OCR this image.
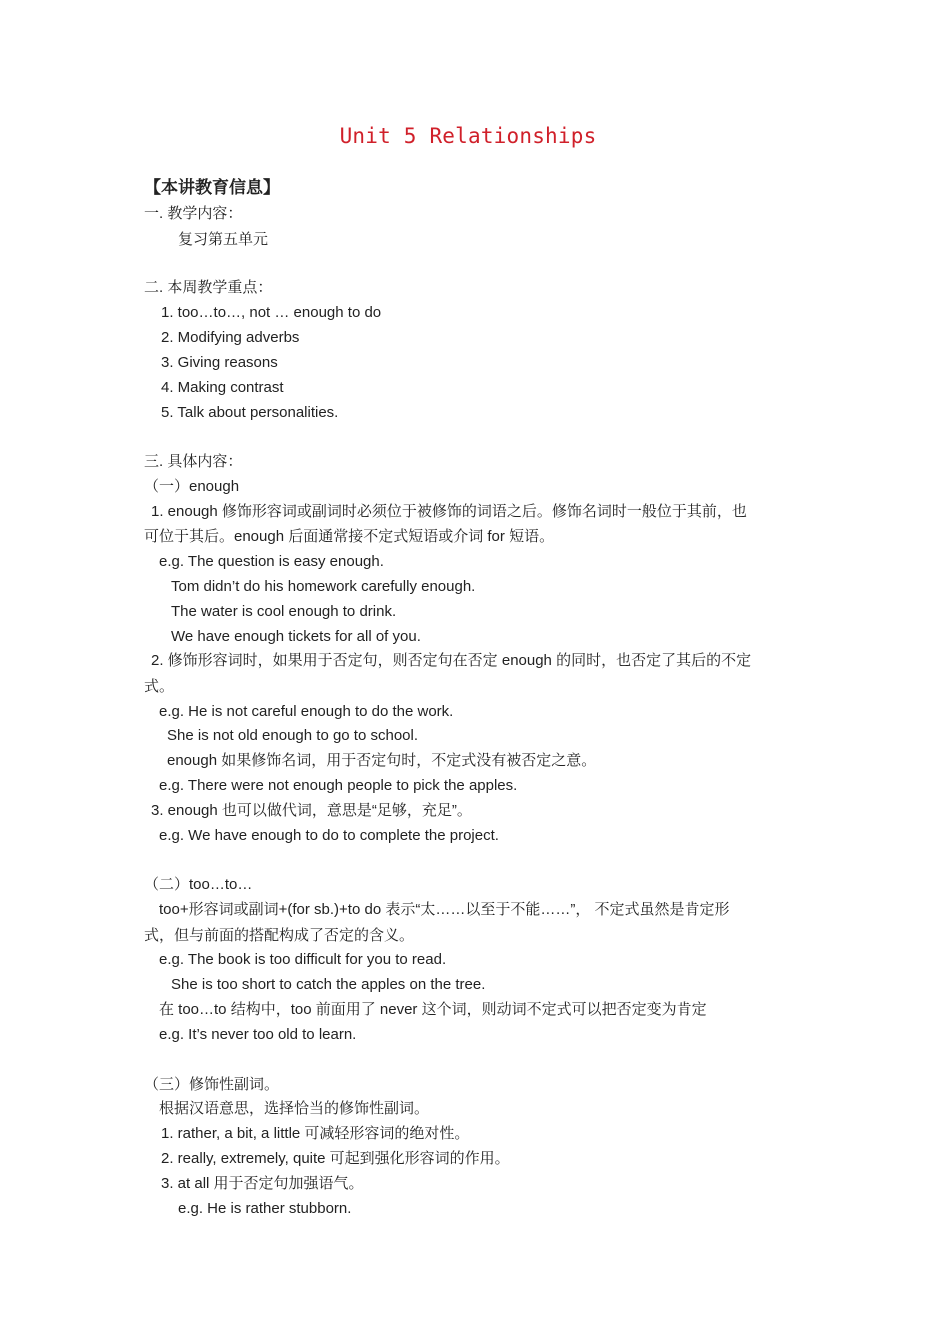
Unit 5 Relationships
【本讲教育信息】
一. 教学内容：
复习第五单元
二. 本周教学重点：
1. too…to…, not … enough to do
2. Modifying adverbs
3. Giving reasons
4. Making contrast
5. Talk about personalities.
三. 具体内容：
（一）enough
1. enough 修饰形容词或副词时必须位于被修饰的词语之后。修饰名词时一般位于其前，也
可位于其后。enough 后面通常接不定式短语或介词 for 短语。
e.g. The question is easy enough.
Tom didn’t do his homework carefully enough.
The water is cool enough to drink.
We have enough tickets for all of you.
2. 修饰形容词时，如果用于否定句，则否定句在否定 enough 的同时，也否定了其后的不定
式。
e.g. He is not careful enough to do the work.
She is not old enough to go to school.
enough 如果修饰名词，用于否定句时，不定式没有被否定之意。
e.g. There were not enough people to pick the apples.
3. enough 也可以做代词，意思是“足够，充足”。
e.g. We have enough to do to complete the project.
（二）too…to…
too+形容词或副词+(for sb.)+to do 表示“太……以至于不能……”， 不定式虽然是肯定形
式，但与前面的搭配构成了否定的含义。
e.g. The book is too difficult for you to read.
She is too short to catch the apples on the tree.
在 too…to 结构中，too 前面用了 never 这个词，则动词不定式可以把否定变为肯定
e.g. It’s never too old to learn.
（三）修饰性副词。
根据汉语意思，选择恰当的修饰性副词。
1. rather, a bit, a little 可减轻形容词的绝对性。
2. really, extremely, quite 可起到强化形容词的作用。
3. at all 用于否定句加强语气。
e.g. He is rather stubborn.
